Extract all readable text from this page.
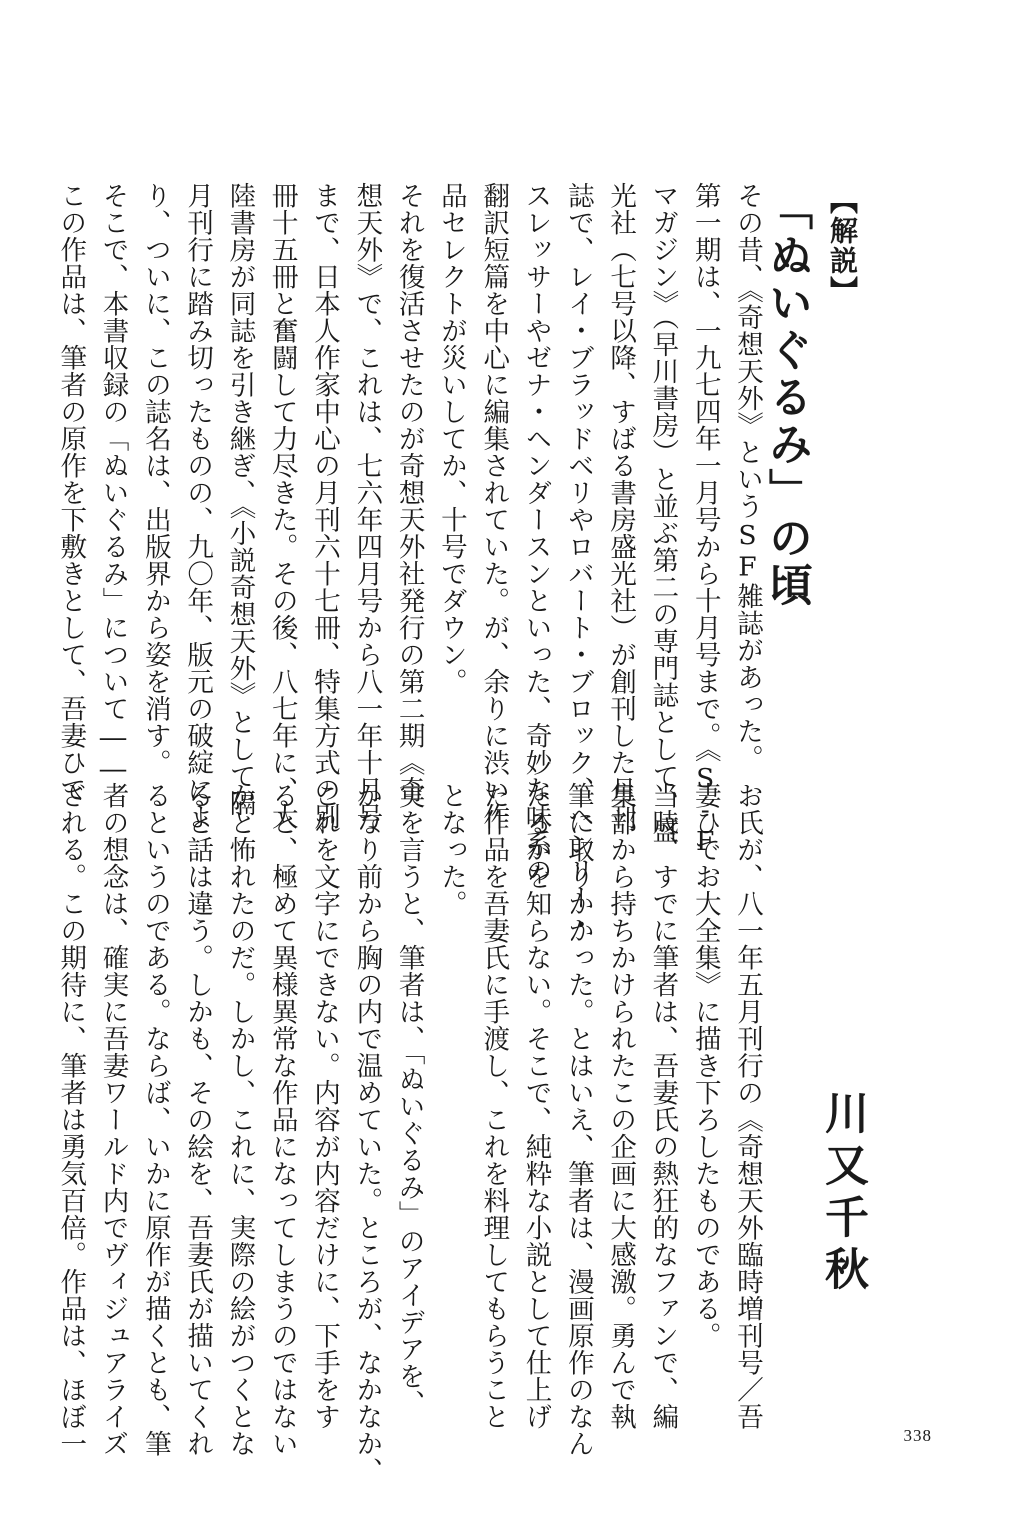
【解説】
「ぬいぐるみ」の頃
川又千秋
その昔、《奇想天外》というSF雑誌があった。
第一期は、一九七四年一月号から十月号まで。《S-F
マガジン》（早川書房）と並ぶ第二の専門誌として、盛
光社（七号以降、すばる書房盛光社）が創刊した月刊
誌で、レイ・ブラッドベリやロバート・ブロック、ヘンリー・
スレッサーやゼナ・ヘンダースンといった、奇妙な味系の
翻訳短篇を中心に編集されていた。が、余りに渋い作
品セレクトが災いしてか、十号でダウン。
それを復活させたのが奇想天外社発行の第二期《奇
想天外》で、これは、七六年四月号から八一年十月号
まで、日本人作家中心の月刊六十七冊、特集方式の別
冊十五冊と奮闘して力尽きた。その後、八七年に、大
陸書房が同誌を引き継ぎ、《小説奇想天外》として隔
月刊行に踏み切ったものの、九〇年、版元の破綻によ
り、ついに、この誌名は、出版界から姿を消す。
そこで、本書収録の「ぬいぐるみ」について――
この作品は、筆者の原作を下敷きとして、吾妻ひで
お氏が、八一年五月刊行の《奇想天外臨時増刊号／吾
妻ひでお大全集》に描き下ろしたものである。
当時、すでに筆者は、吾妻氏の熱狂的なファンで、編
集部から持ちかけられたこの企画に大感激。勇んで執
筆に取りかかった。とはいえ、筆者は、漫画原作のなん
たるかを知らない。そこで、純粋な小説として仕上げ
た作品を吾妻氏に手渡し、これを料理してもらうこと
となった。
実を言うと、筆者は、「ぬいぐるみ」のアイデアを、
かなり前から胸の内で温めていた。ところが、なかなか、
これを文字にできない。内容が内容だけに、下手をす
ると、極めて異様異常な作品になってしまうのではない
かと怖れたのだ。しかし、これに、実際の絵がつくとな
ると話は違う。しかも、その絵を、吾妻氏が描いてくれ
るというのである。ならば、いかに原作が描くとも、筆
者の想念は、確実に吾妻ワールド内でヴィジュアライズ
される。この期待に、筆者は勇気百倍。作品は、ほぼ一	338
